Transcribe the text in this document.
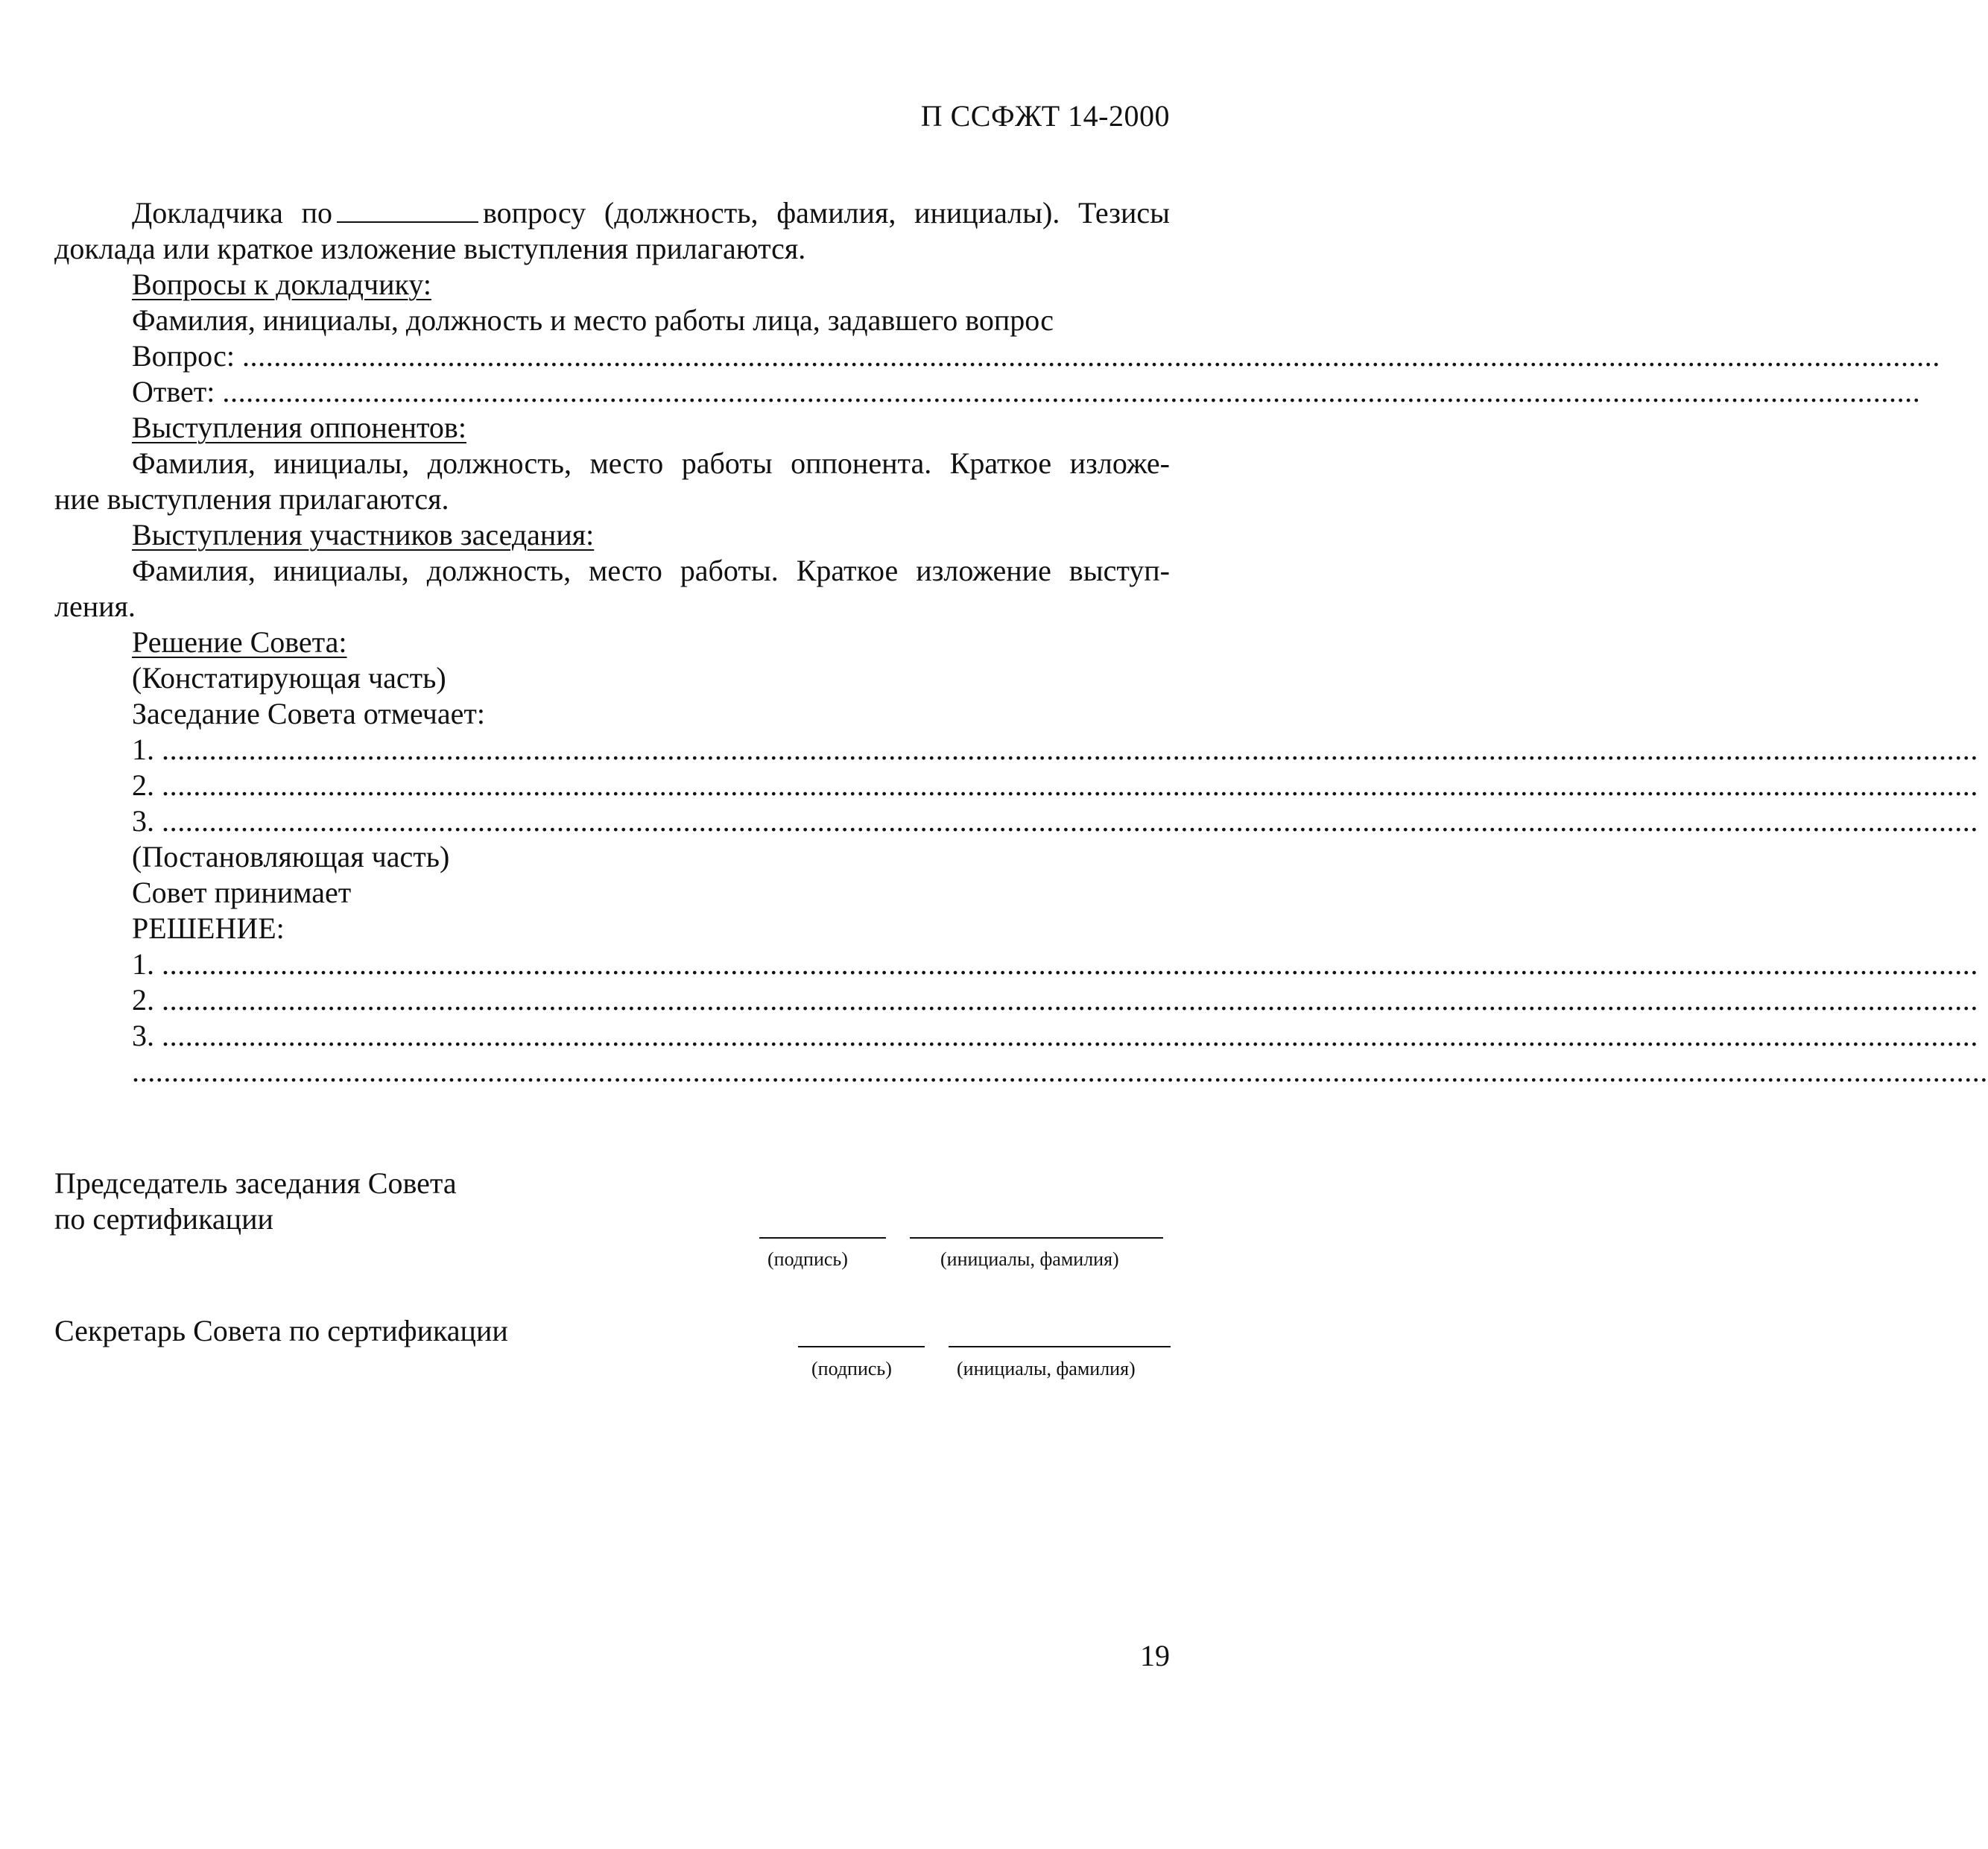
П ССФЖТ 14-2000
Докладчика по	вопросу (должность, фамилия, инициалы). Тезисы
доклада или краткое изложение выступления прилагаются.
Вопросы к докладчику:
Фамилия, инициалы, должность и место работы лица, задавшего вопрос
Вопрос: .......................................................................................................................................................................................................................
Ответ: .......................................................................................................................................................................................................................
Выступления оппонентов:
Фамилия, инициалы, должность, место работы оппонента. Краткое изложе-
ние выступления прилагаются.
Выступления участников заседания:
Фамилия, инициалы, должность, место работы. Краткое изложение выступ-
ления.
Решение Совета:
(Констатирующая часть)
Заседание Совета отмечает:
1. ......................................................................................................................................................................................................................................
2. ......................................................................................................................................................................................................................................
3. ......................................................................................................................................................................................................................................
(Постановляющая часть)
Совет принимает
РЕШЕНИЕ:
1. ......................................................................................................................................................................................................................................
2. ......................................................................................................................................................................................................................................
3. ......................................................................................................................................................................................................................................
...........................................................................................................................................................................................................................................
Председатель заседания Совета
по сертификации
(подпись)	(инициалы, фамилия)
Секретарь Совета по сертификации
(подпись)	(инициалы, фамилия)
19
